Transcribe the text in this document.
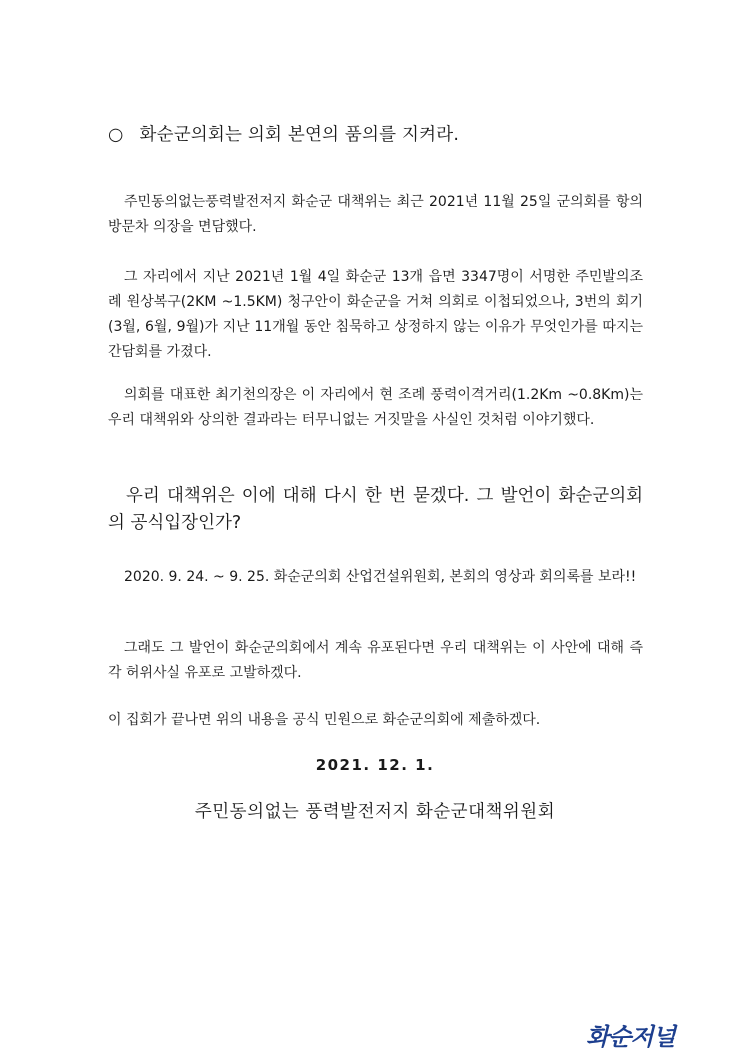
○ 화순군의회는 의회 본연의 품의를 지켜라.
주민동의없는풍력발전저지 화순군 대책위는 최근 2021년 11월 25일 군의회를 항의 방문차 의장을 면담했다.
그 자리에서 지난 2021년 1월 4일 화순군 13개 읍면 3347명이 서명한 주민발의조례 원상복구(2KM ~1.5KM) 청구안이 화순군을 거쳐 의회로 이첩되었으나, 3번의 회기(3월, 6월, 9월)가 지난 11개월 동안 침묵하고 상정하지 않는 이유가 무엇인가를 따지는 간담회를 가졌다.
의회를 대표한 최기천의장은 이 자리에서 현 조례 풍력이격거리(1.2Km ~0.8Km)는 우리 대책위와 상의한 결과라는 터무니없는 거짓말을 사실인 것처럼 이야기했다.
우리 대책위은 이에 대해 다시 한 번 묻겠다. 그 발언이 화순군의회의 공식입장인가?
2020. 9. 24. ~ 9. 25. 화순군의회 산업건설위원회, 본회의 영상과 회의록를 보라!!
그래도 그 발언이 화순군의회에서 계속 유포된다면 우리 대책위는 이 사안에 대해 즉각 허위사실 유포로 고발하겠다.
이 집회가 끝나면 위의 내용을 공식 민원으로 화순군의회에 제출하겠다.
2021. 12. 1.
주민동의없는 풍력발전저지 화순군대책위원회
화순저널
